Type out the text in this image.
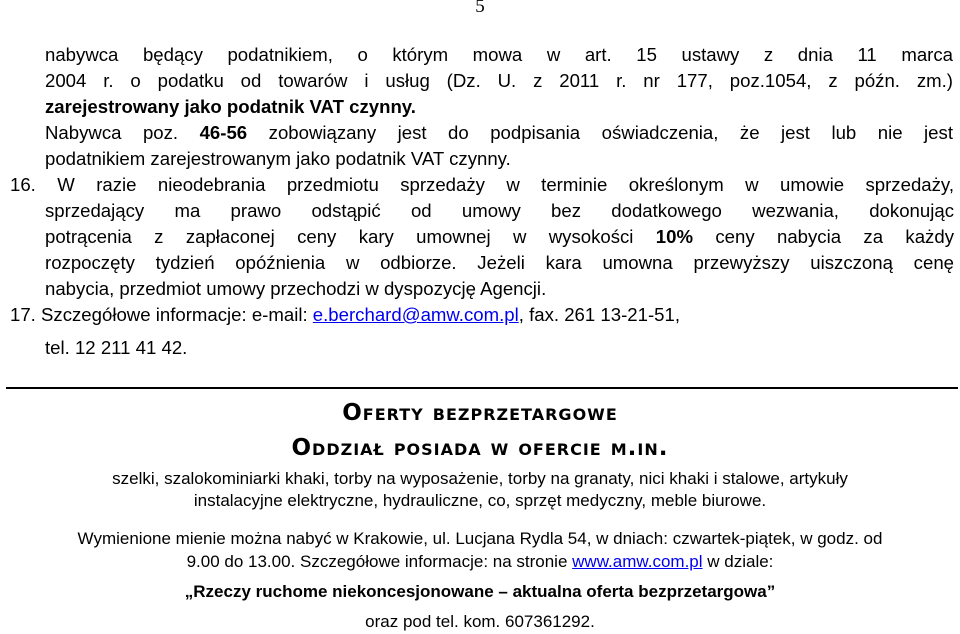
5
nabywca będący podatnikiem, o którym mowa w art. 15 ustawy z dnia 11 marca
2004 r. o podatku od towarów i usług (Dz. U. z 2011 r. nr 177, poz.1054, z późn. zm.)
zarejestrowany jako podatnik VAT czynny.
Nabywca poz. 46-56 zobowiązany jest do podpisania oświadczenia, że jest lub nie jest
podatnikiem zarejestrowanym jako podatnik VAT czynny.
16. W razie nieodebrania przedmiotu sprzedaży w terminie określonym w umowie sprzedaży,
sprzedający ma prawo odstąpić od umowy bez dodatkowego wezwania, dokonując
potrącenia z zapłaconej ceny kary umownej w wysokości 10% ceny nabycia za każdy
rozpoczęty tydzień opóźnienia w odbiorze. Jeżeli kara umowna przewyższy uiszczoną cenę
nabycia, przedmiot umowy przechodzi w dyspozycję Agencji.
17. Szczegółowe informacje: e-mail: e.berchard@amw.com.pl, fax. 261 13-21-51,
tel. 12 211 41 42.
Oferty bezprzetargowe
Oddział posiada w ofercie m.in.
szelki, szalokominiarki khaki, torby na wyposażenie, torby na granaty, nici khaki i stalowe, artykuły
instalacyjne elektryczne, hydrauliczne, co, sprzęt medyczny, meble biurowe.
Wymienione mienie można nabyć w Krakowie, ul. Lucjana Rydla 54, w dniach: czwartek-piątek, w godz. od
9.00 do 13.00. Szczegółowe informacje: na stronie www.amw.com.pl w dziale:
„Rzeczy ruchome niekoncesjonowane – aktualna oferta bezprzetargowa”
oraz pod tel. kom. 607361292.
